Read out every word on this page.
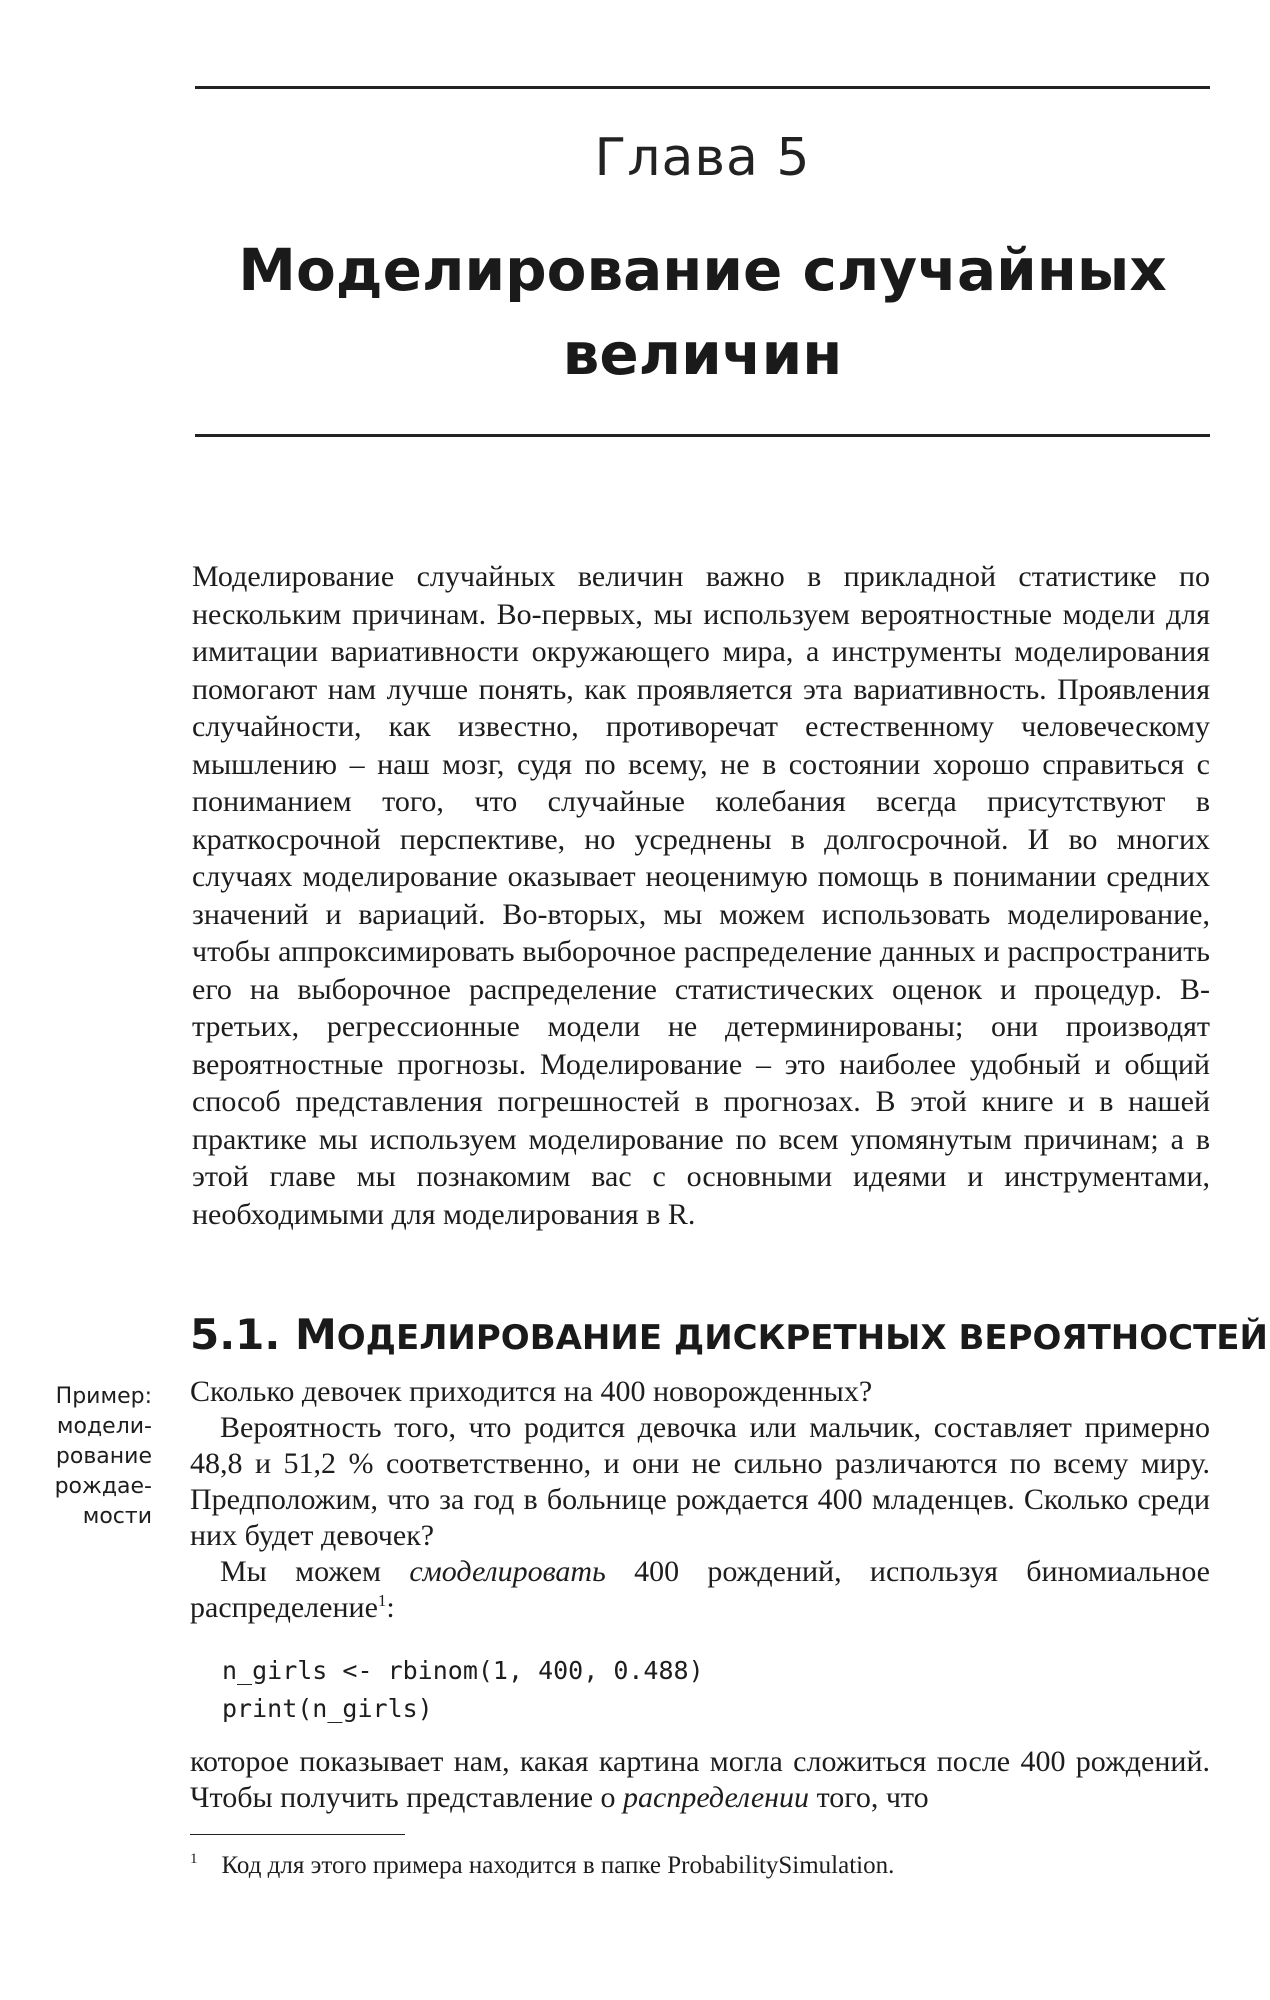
Глава 5
Моделирование случайных
величин

Моделирование случайных величин важно в прикладной статистике по нескольким причинам. Во-первых, мы используем вероятностные модели для имитации вариативности окружающего мира, а инструменты моделирования помогают нам лучше понять, как проявляется эта вариативность. Проявления случайности, как известно, противоречат естественному человеческому мышлению – наш мозг, судя по всему, не в состоянии хорошо справиться с пониманием того, что случайные колебания всегда присутствуют в краткосрочной перспективе, но усреднены в долгосрочной. И во многих случаях моделирование оказывает неоценимую помощь в понимании средних значений и вариаций. Во-вторых, мы можем использовать моделирование, чтобы аппроксимировать выборочное распределение данных и распространить его на выборочное распределение статистических оценок и процедур. В-третьих, регрессионные модели не детерминированы; они производят вероятностные прогнозы. Моделирование – это наиболее удобный и общий способ представления погрешностей в прогнозах. В этой книге и в нашей практике мы используем моделирование по всем упомянутым причинам; а в этой главе мы познакомим вас с основными идеями и инструментами, необходимыми для моделирования в R.

5.1. МОДЕЛИРОВАНИЕ ДИСКРЕТНЫХ ВЕРОЯТНОСТЕЙ
Пример:
модели-
рование
рождае-
мости

Сколько девочек приходится на 400 новорожденных?

Вероятность того, что родится девочка или мальчик, составляет примерно 48,8 и 51,2 % соответственно, и они не сильно различаются по всему миру. Предположим, что за год в больнице рождается 400 младенцев. Сколько среди них будет девочек?

Мы можем смоделировать 400 рождений, используя биномиальное распределение$^1$:

n_girls <- rbinom(1, 400, 0.488)
print(n_girls)

которое показывает нам, какая картина могла сложиться после 400 рождений. Чтобы получить представление о распределении того, что

$^1$ Код для этого примера находится в папке ProbabilitySimulation.
